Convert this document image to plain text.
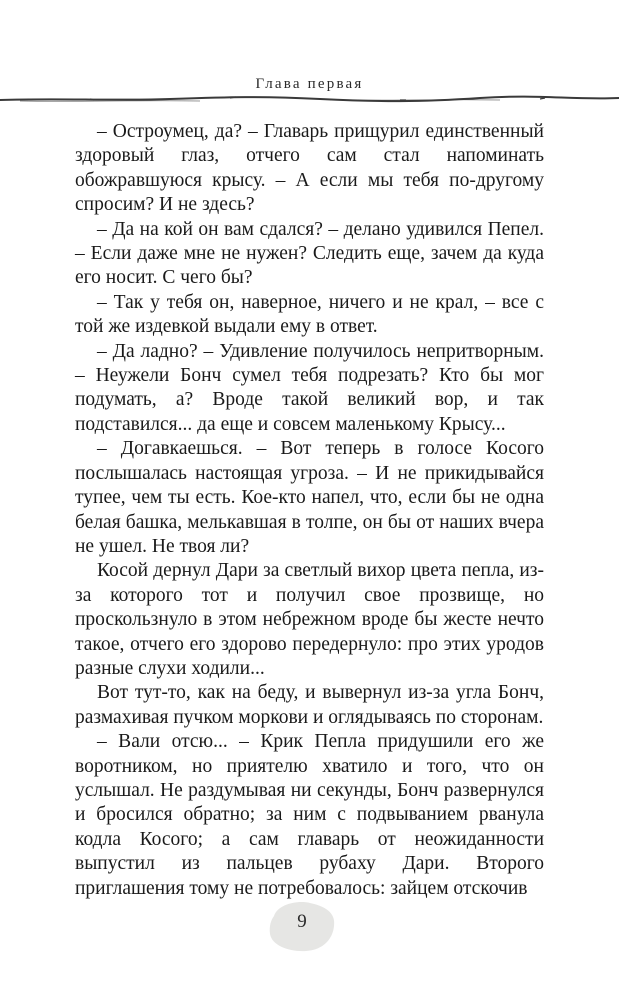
Глава первая

– Остроумец, да? – Главарь прищурил единственный здоровый глаз, отчего сам стал напоминать обожравшуюся крысу. – А если мы тебя по-другому спросим? И не здесь?

– Да на кой он вам сдался? – делано удивился Пепел. – Если даже мне не нужен? Следить еще, зачем да куда его носит. С чего бы?

– Так у тебя он, наверное, ничего и не крал, – все с той же издевкой выдали ему в ответ.

– Да ладно? – Удивление получилось непритворным. – Неужели Бонч сумел тебя подрезать? Кто бы мог подумать, а? Вроде такой великий вор, и так подставился... да еще и совсем маленькому Крысу...

– Догавкаешься. – Вот теперь в голосе Косого послышалась настоящая угроза. – И не прикидывайся тупее, чем ты есть. Кое-кто напел, что, если бы не одна белая башка, мелькавшая в толпе, он бы от наших вчера не ушел. Не твоя ли?

Косой дернул Дари за светлый вихор цвета пепла, из-за которого тот и получил свое прозвище, но проскользнуло в этом небрежном вроде бы жесте нечто такое, отчего его здорово передернуло: про этих уродов разные слухи ходили...

Вот тут-то, как на беду, и вывернул из-за угла Бонч, размахивая пучком моркови и оглядываясь по сторонам.

– Вали отсю... – Крик Пепла придушили его же воротником, но приятелю хватило и того, что он услышал. Не раздумывая ни секунды, Бонч развернулся и бросился обратно; за ним с подвыванием рванула кодла Косого; а сам главарь от неожиданности выпустил из пальцев рубаху Дари. Второго приглашения тому не потребовалось: зайцем отскочив

9
